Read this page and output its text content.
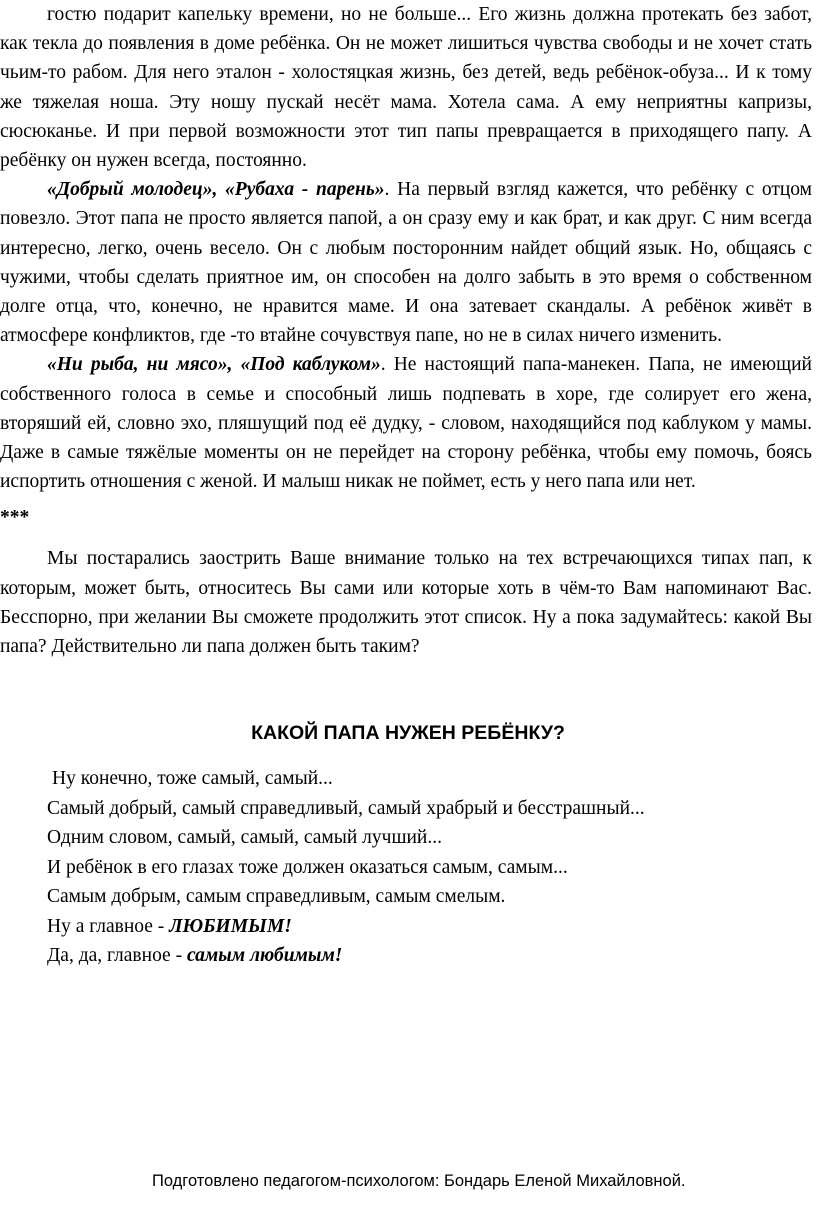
гостю подарит капельку времени, но не больше... Его жизнь должна протекать без забот, как текла до появления в доме ребёнка. Он не может лишиться чувства свободы и не хочет стать чьим-то рабом. Для него эталон - холостяцкая жизнь, без детей, ведь ребёнок-обуза... И к тому же тяжелая ноша. Эту ношу пускай несёт мама. Хотела сама. А ему неприятны капризы, сюсюканье. И при первой возможности этот тип папы превращается в приходящего папу. А ребёнку он нужен всегда, постоянно.

«Добрый молодец», «Рубаха - парень». На первый взгляд кажется, что ребёнку с отцом повезло. Этот папа не просто является папой, а он сразу ему и как брат, и как друг. С ним всегда интересно, легко, очень весело. Он с любым посторонним найдет общий язык. Но, общаясь с чужими, чтобы сделать приятное им, он способен на долго забыть в это время о собственном долге отца, что, конечно, не нравится маме. И она затевает скандалы. А ребёнок живёт в атмосфере конфликтов, где -то втайне сочувствуя папе, но не в силах ничего изменить.

«Ни рыба, ни мясо», «Под каблуком». Не настоящий папа-манекен. Папа, не имеющий собственного голоса в семье и способный лишь подпевать в хоре, где солирует его жена, вторяший ей, словно эхо, пляшущий под её дудку, - словом, находящийся под каблуком у мамы. Даже в самые тяжёлые моменты он не перейдет на сторону ребёнка, чтобы ему помочь, боясь испортить отношения с женой. И малыш никак не поймет, есть у него папа или нет.

***

Мы постарались заострить Ваше внимание только на тех встречающихся типах пап, к которым, может быть, относитесь Вы сами или которые хоть в чём-то Вам напоминают Вас. Бесспорно, при желании Вы сможете продолжить этот список. Ну а пока задумайтесь: какой Вы папа? Действительно ли папа должен быть таким?

КАКОЙ ПАПА НУЖЕН РЕБЁНКУ?
Ну конечно, тоже самый, самый...
Самый добрый, самый справедливый, самый храбрый и бесстрашный...
Одним словом, самый, самый, самый лучший...
И ребёнок в его глазах тоже должен оказаться самым, самым...
Самым добрым, самым справедливым, самым смелым.
Ну а главное - ЛЮБИМЫМ!
Да, да, главное - самым любимым!
Подготовлено педагогом-психологом: Бондарь Еленой Михайловной.
